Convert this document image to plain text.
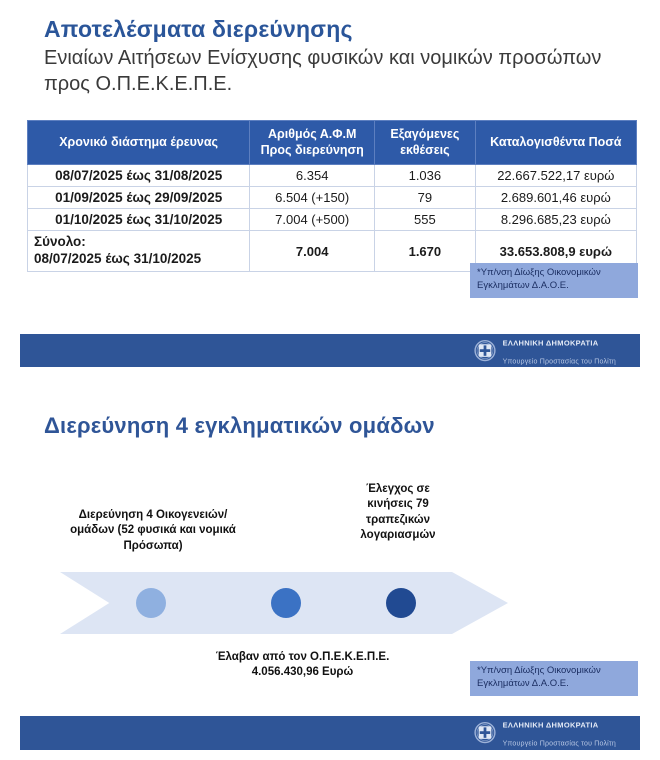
Αποτελέσματα διερεύνησης
Ενιαίων Αιτήσεων Ενίσχυσης φυσικών και νομικών προσώπων προς Ο.Π.Ε.Κ.Ε.Π.Ε.
Χρονικό διάστημα έρευνας	Αριθμός Α.Φ.Μ Προς διερεύνηση	Εξαγόμενες εκθέσεις	Καταλογισθέντα Ποσά
08/07/2025 έως 31/08/2025	6.354	1.036	22.667.522,17 ευρώ
01/09/2025 έως 29/09/2025	6.504 (+150)	79	2.689.601,46 ευρώ
01/10/2025 έως 31/10/2025	7.004 (+500)	555	8.296.685,23 ευρώ

Σύνολο:
08/07/2025 έως 31/10/2025	7.004	1.670	33.653.808,9 ευρώ
*Υπ/νση Δίωξης Οικονομικών Εγκλημάτων Δ.Α.Ο.Ε.
ΕΛΛΗΝΙΚΗ ΔΗΜΟΚΡΑΤΙΑ
Υπουργείο Προστασίας του Πολίτη
Διερεύνηση 4 εγκληματικών ομάδων
Διερεύνηση 4 Οικογενειών/ομάδων (52 φυσικά και νομικά Πρόσωπα)
Έλαβαν από τον Ο.Π.Ε.Κ.Ε.Π.Ε. 4.056.430,96 Ευρώ
Έλεγχος σε κινήσεις 79 τραπεζικών λογαριασμών
*Υπ/νση Δίωξης Οικονομικών Εγκλημάτων Δ.Α.Ο.Ε.
ΕΛΛΗΝΙΚΗ ΔΗΜΟΚΡΑΤΙΑ
Υπουργείο Προστασίας του Πολίτη
